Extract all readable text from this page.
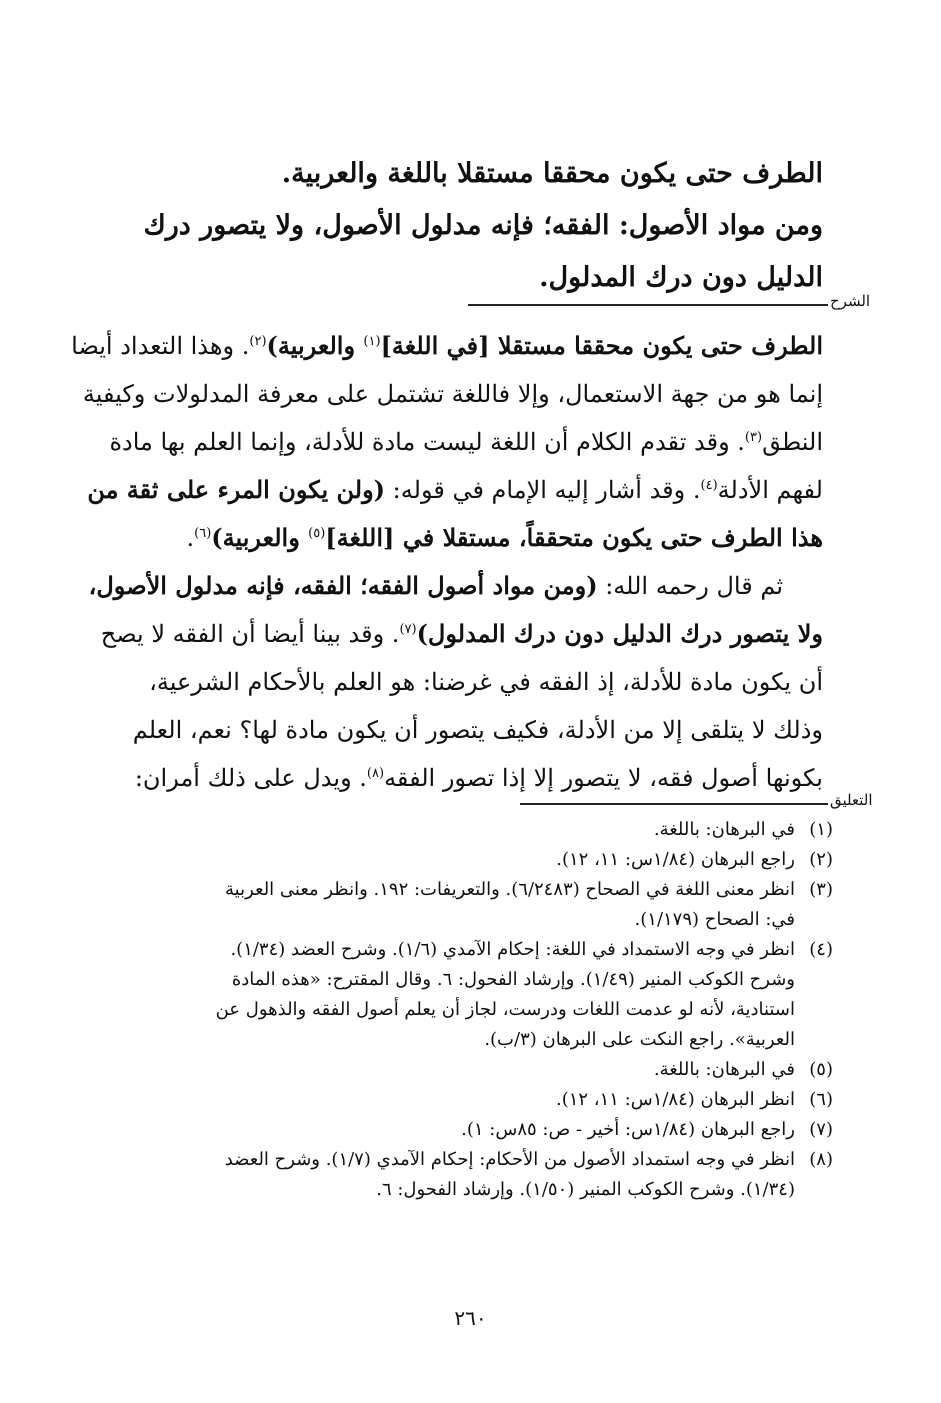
الطرف حتى يكون محققا مستقلا باللغة والعربية.
ومن مواد الأصول: الفقه؛ فإنه مدلول الأصول، ولا يتصور درك
الدليل دون درك المدلول.
الشرح
الطرف حتى يكون محققا مستقلا [في اللغة]$^{(١)}$ والعربية)$^{(٢)}$. وهذا التعداد أيضا
إنما هو من جهة الاستعمال، وإلا فاللغة تشتمل على معرفة المدلولات وكيفية
النطق$^{(٣)}$. وقد تقدم الكلام أن اللغة ليست مادة للأدلة، وإنما العلم بها مادة
لفهم الأدلة$^{(٤)}$. وقد أشار إليه الإمام في قوله: (ولن يكون المرء على ثقة من
هذا الطرف حتى يكون متحققاً، مستقلا في [اللغة]$^{(٥)}$ والعربية)$^{(٦)}$.
ثم قال رحمه الله: (ومن مواد أصول الفقه؛ الفقه، فإنه مدلول الأصول،
ولا يتصور درك الدليل دون درك المدلول)$^{(٧)}$. وقد بينا أيضا أن الفقه لا يصح
أن يكون مادة للأدلة، إذ الفقه في غرضنا: هو العلم بالأحكام الشرعية،
وذلك لا يتلقى إلا من الأدلة، فكيف يتصور أن يكون مادة لها؟ نعم، العلم
بكونها أصول فقه، لا يتصور إلا إذا تصور الفقه$^{(٨)}$. ويدل على ذلك أمران:
التعليق
(١)
في البرهان: باللغة.
(٢)
راجع البرهان (١/٨٤س: ١١، ١٢).
(٣)
انظر معنى اللغة في الصحاح (٦/٢٤٨٣). والتعريفات: ١٩٢. وانظر معنى العربية
في: الصحاح (١/١٧٩).
(٤)
انظر في وجه الاستمداد في اللغة: إحكام الآمدي (١/٦). وشرح العضد (١/٣٤).
وشرح الكوكب المنير (١/٤٩). وإرشاد الفحول: ٦. وقال المقترح: «هذه المادة
استنادية، لأنه لو عدمت اللغات ودرست، لجاز أن يعلم أصول الفقه والذهول عن
العربية». راجع النكت على البرهان (٣/ب).
(٥)
في البرهان: باللغة.
(٦)
انظر البرهان (١/٨٤س: ١١، ١٢).
(٧)
راجع البرهان (١/٨٤س: أخير - ص: ٨٥س: ١).
(٨)
انظر في وجه استمداد الأصول من الأحكام: إحكام الآمدي (١/٧). وشرح العضد
(١/٣٤). وشرح الكوكب المنير (١/٥٠). وإرشاد الفحول: ٦.
٢٦٠
